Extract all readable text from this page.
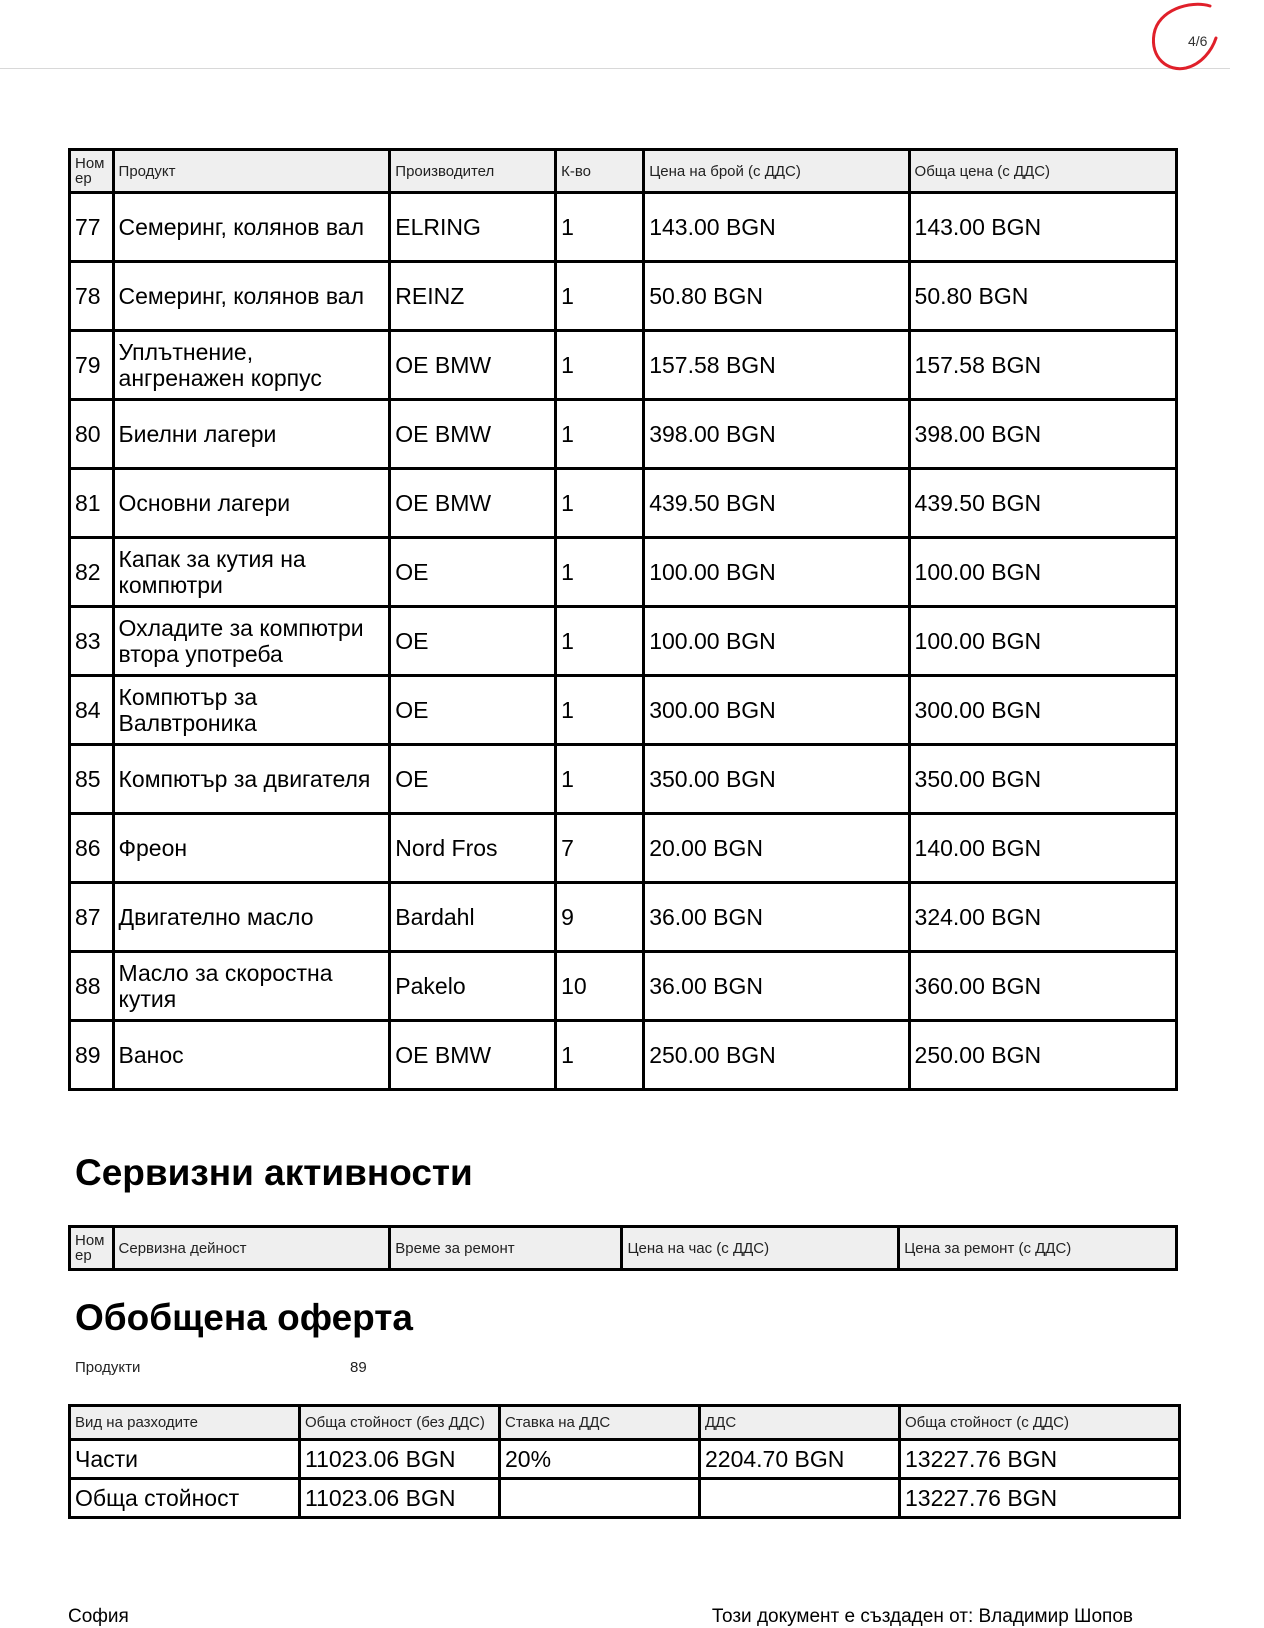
4/6
Ном ер	Продукт	Производител	К-во	Цена на брой (с ДДС)	Обща цена (с ДДС)
77	Семеринг, колянов вал	ELRING	1	143.00 BGN	143.00 BGN
78	Семеринг, колянов вал	REINZ	1	50.80 BGN	50.80 BGN
79	Уплътнение, ангренажен корпус	OE BMW	1	157.58 BGN	157.58 BGN
80	Биелни лагери	OE BMW	1	398.00 BGN	398.00 BGN
81	Основни лагери	OE BMW	1	439.50 BGN	439.50 BGN
82	Капак за кутия на компютри	OE	1	100.00 BGN	100.00 BGN
83	Охладите за компютри втора употреба	OE	1	100.00 BGN	100.00 BGN
84	Компютър за Валвтроника	OE	1	300.00 BGN	300.00 BGN
85	Компютър за двигателя	OE	1	350.00 BGN	350.00 BGN
86	Фреон	Nord Fros	7	20.00 BGN	140.00 BGN
87	Двигателно масло	Bardahl	9	36.00 BGN	324.00 BGN
88	Масло за скоростна кутия	Pakelo	10	36.00 BGN	360.00 BGN
89	Ванос	OE BMW	1	250.00 BGN	250.00 BGN
Сервизни активности
Ном ер	Сервизна дейност	Време за ремонт	Цена на час (с ДДС)	Цена за ремонт (с ДДС)
Обобщена оферта
Продукти	89
Вид на разходите	Обща стойност (без ДДС)	Ставка на ДДС	ДДС	Обща стойност (с ДДС)
Части	11023.06 BGN	20%	2204.70 BGN	13227.76 BGN
Обща стойност	11023.06 BGN			13227.76 BGN
София	Този документ е създаден от: Владимир Шопов
